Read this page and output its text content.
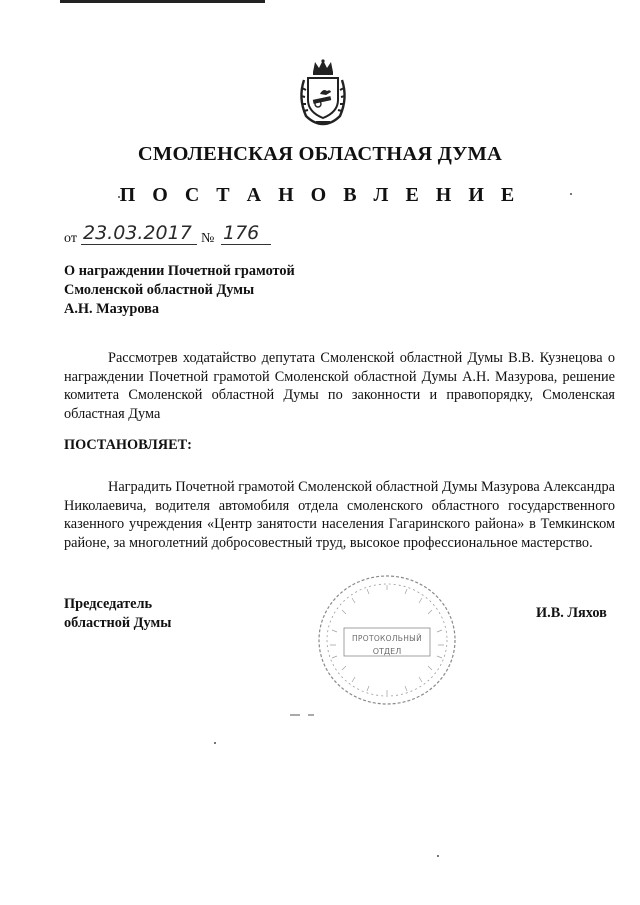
СМОЛЕНСКАЯ ОБЛАСТНАЯ ДУМА
П О С Т А Н О В Л Е Н И Е
от 23.03.2017 № 176
О награждении Почетной грамотой
Смоленской областной Думы
А.Н. Мазурова
Рассмотрев ходатайство депутата Смоленской областной Думы В.В. Кузнецова о награждении Почетной грамотой Смоленской областной Думы А.Н. Мазурова, решение комитета Смоленской областной Думы по законности и правопорядку, Смоленская областная Дума
ПОСТАНОВЛЯЕТ:
Наградить Почетной грамотой Смоленской областной Думы Мазурова Александра Николаевича, водителя автомобиля отдела смоленского областного государственного казенного учреждения «Центр занятости населения Гагаринского района» в Темкинском районе, за многолетний добросовестный труд, высокое профессиональное мастерство.
Председатель
областной Думы
И.В. Ляхов
ПРОТОКОЛЬНЫЙ
ОТДЕЛ
